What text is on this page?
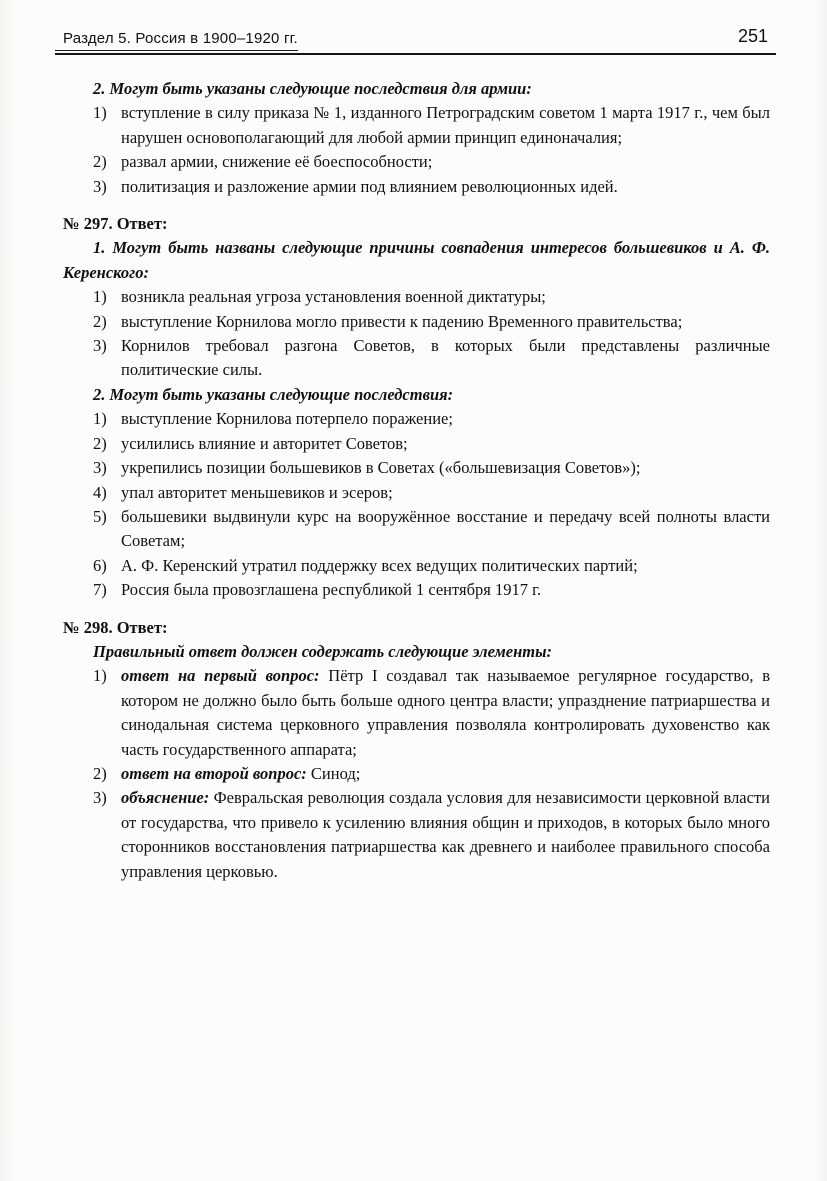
Раздел 5. Россия в 1900–1920 гг.	251

2. Могут быть указаны следующие последствия для армии:

1) вступление в силу приказа № 1, изданного Петроградским советом 1 марта 1917 г., чем был нарушен основополагающий для любой армии принцип единоначалия;
2) развал армии, снижение её боеспособности;
3) политизация и разложение армии под влиянием революционных идей.

№ 297. Ответ:

1. Могут быть названы следующие причины совпадения интересов большевиков и А. Ф. Керенского:

1) возникла реальная угроза установления военной диктатуры;
2) выступление Корнилова могло привести к падению Временного правительства;
3) Корнилов требовал разгона Советов, в которых были представлены различные политические силы.

2. Могут быть указаны следующие последствия:

1) выступление Корнилова потерпело поражение;
2) усилились влияние и авторитет Советов;
3) укрепились позиции большевиков в Советах («большевизация Советов»);
4) упал авторитет меньшевиков и эсеров;
5) большевики выдвинули курс на вооружённое восстание и передачу всей полноты власти Советам;
6) А. Ф. Керенский утратил поддержку всех ведущих политических партий;
7) Россия была провозглашена республикой 1 сентября 1917 г.

№ 298. Ответ:

Правильный ответ должен содержать следующие элементы:

1) ответ на первый вопрос: Пётр I создавал так называемое регулярное государство, в котором не должно было быть больше одного центра власти; упразднение патриаршества и синодальная система церковного управления позволяла контролировать духовенство как часть государственного аппарата;
2) ответ на второй вопрос: Синод;
3) объяснение: Февральская революция создала условия для независимости церковной власти от государства, что привело к усилению влияния общин и приходов, в которых было много сторонников восстановления патриаршества как древнего и наиболее правильного способа управления церковью.
